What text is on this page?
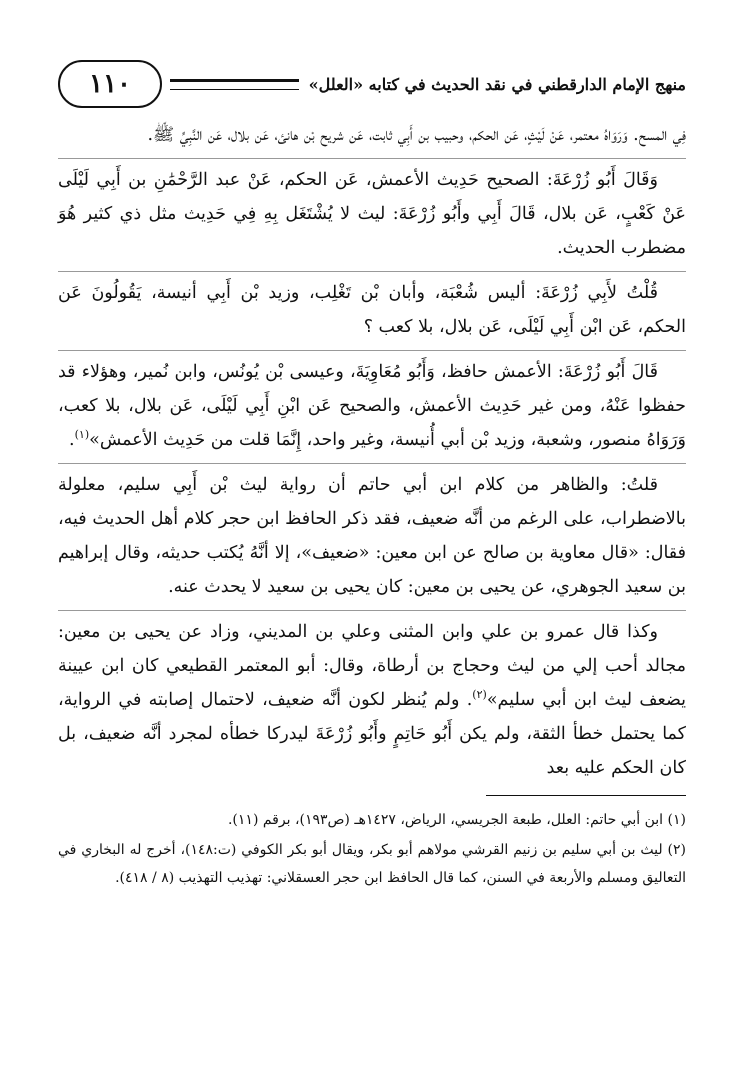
منهج الإمام الدارقطني في نقد الحديث في كتابه «العلل»
١١٠

فِي المسح. وَرَوَاهُ معتمر، عَنْ لَيْثٍ، عَن الحكم، وحبيب بن أَبِي ثابت، عَن شريح بْن هانئ، عَن بلال، عَن النَّبِيِّ ﷺ.

وَقَالَ أَبُو زُرْعَةَ: الصحيح حَدِيث الأعمش، عَن الحكم، عَنْ عبد الرَّحْمَٰنِ بن أَبِي لَيْلَى عَنْ كَعْبٍ، عَن بلال، قَالَ أَبِي وأَبُو زُرْعَةَ: ليث لا يُشْتَغَل بِهِ فِي حَدِيث مثل ذي كثير هُوَ مضطرب الحديث.

قُلْتُ لأَبِي زُرْعَةَ: أليس شُعْبَة، وأبان بْن تَغْلِب، وزيد بْن أَبِي أنيسة، يَقُولُونَ عَن الحكم، عَن ابْن أَبِي لَيْلَى، عَن بلال، بلا كعب ؟

قَالَ أَبُو زُرْعَةَ: الأعمش حافظ، وَأَبُو مُعَاوِيَةَ، وعيسى بْن يُونُس، وابن نُمير، وهؤلاء قد حفظوا عَنْهُ، ومن غير حَدِيث الأعمش، والصحيح عَن ابْنِ أَبِي لَيْلَى، عَن بلال، بلا كعب، وَرَوَاهُ منصور، وشعبة، وزيد بْن أبي أُنيسة، وغير واحد، إِنَّمَا قلت من حَدِيث الأعمش»$^{(١)}$.

قلتُ: والظاهر من كلام ابن أبي حاتم أن رواية ليث بْن أَبِي سليم، معلولة بالاضطراب، على الرغم من أنَّه ضعيف، فقد ذكر الحافظ ابن حجر كلام أهل الحديث فيه، فقال: «قال معاوية بن صالح عن ابن معين: «ضعيف»، إلا أنَّهُ يُكتب حديثه، وقال إبراهيم بن سعيد الجوهري، عن يحيى بن معين: كان يحيى بن سعيد لا يحدث عنه.

وكذا قال عمرو بن علي وابن المثنى وعلي بن المديني، وزاد عن يحيى بن معين: مجالد أحب إلي من ليث وحجاج بن أرطاة، وقال: أبو المعتمر القطيعي كان ابن عيينة يضعف ليث ابن أبي سليم»$^{(٢)}$. ولم يُنظر لكون أنَّه ضعيف، لاحتمال إصابته في الرواية، كما يحتمل خطأ الثقة، ولم يكن أَبُو حَاتِمٍ وأَبُو زُرْعَةَ ليدركا خطأه لمجرد أنَّه ضعيف، بل كان الحكم عليه بعد

(١) ابن أبي حاتم: العلل، طبعة الجريسي، الرياض، ١٤٢٧هـ (ص١٩٣)، برقم (١١).

(٢) ليث بن أبي سليم بن زنيم القرشي مولاهم أبو بكر، ويقال أبو بكر الكوفي (ت:١٤٨)، أخرج له البخاري في التعاليق ومسلم والأربعة في السنن، كما قال الحافظ ابن حجر العسقلاني: تهذيب التهذيب (٨ / ٤١٨).
